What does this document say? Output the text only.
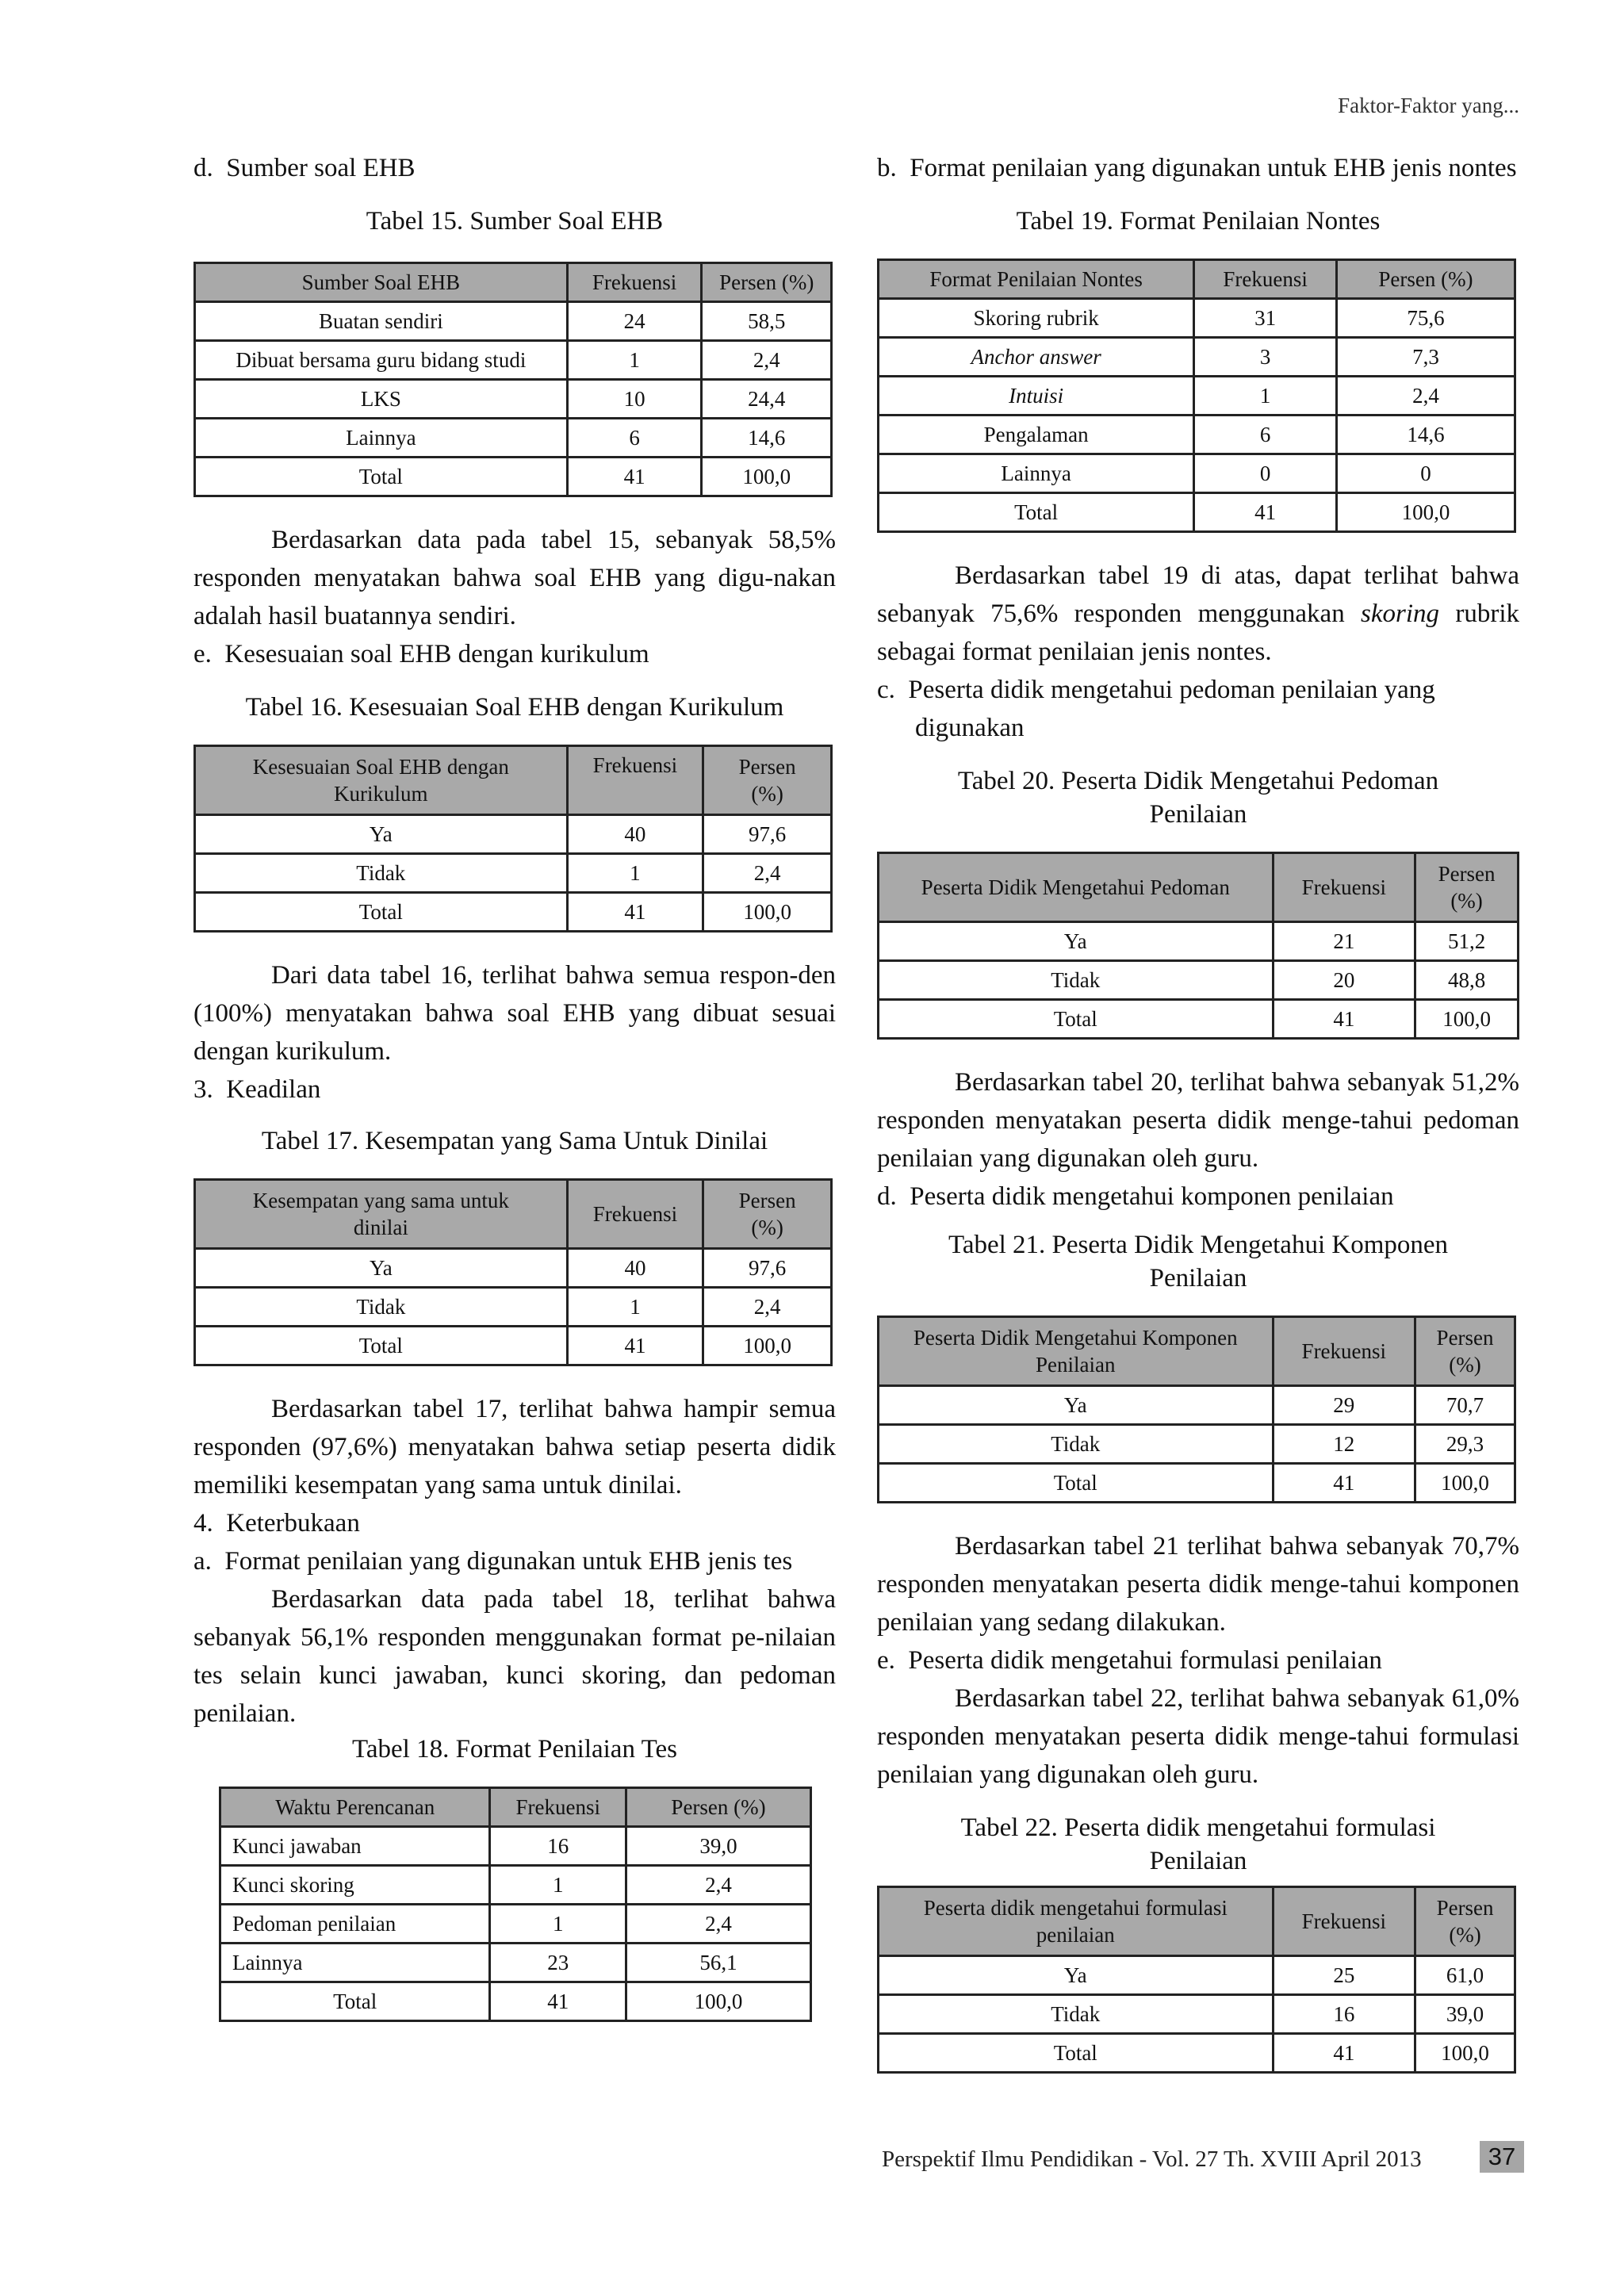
Faktor-Faktor yang...

d.  Sumber soal EHB

Tabel 15. Sumber Soal EHB

Sumber Soal EHB	Frekuensi	Persen (%)
Buatan sendiri	24	58,5
Dibuat bersama guru bidang studi	1	2,4
LKS	10	24,4
Lainnya	6	14,6
Total	41	100,0

Berdasarkan data pada tabel 15, sebanyak 58,5% responden menyatakan bahwa soal EHB yang digu-nakan adalah hasil buatannya sendiri.

e.  Kesesuaian soal EHB dengan kurikulum

Tabel 16. Kesesuaian Soal EHB dengan Kurikulum

Kesesuaian Soal EHB dengan Kurikulum	Frekuensi	Persen (%)
Ya	40	97,6
Tidak	1	2,4
Total	41	100,0

Dari data tabel 16, terlihat bahwa semua respon-den (100%) menyatakan bahwa soal EHB yang dibuat sesuai dengan kurikulum.

3.  Keadilan

Tabel 17. Kesempatan yang Sama Untuk Dinilai

Kesempatan yang sama untuk dinilai	Frekuensi	Persen (%)
Ya	40	97,6
Tidak	1	2,4
Total	41	100,0

Berdasarkan tabel 17, terlihat bahwa hampir semua responden (97,6%) menyatakan bahwa setiap peserta didik memiliki kesempatan yang sama untuk dinilai.

4.  Keterbukaan

a.  Format penilaian yang digunakan untuk EHB jenis tes

Berdasarkan data pada tabel 18, terlihat bahwa sebanyak 56,1% responden menggunakan format pe-nilaian tes selain kunci jawaban, kunci skoring, dan pedoman penilaian.

Tabel 18. Format Penilaian Tes

Waktu Perencanan	Frekuensi	Persen (%)
Kunci jawaban	16	39,0
Kunci skoring	1	2,4
Pedoman penilaian	1	2,4
Lainnya	23	56,1
Total	41	100,0

b.  Format penilaian yang digunakan untuk EHB jenis nontes

Tabel 19. Format Penilaian Nontes

Format Penilaian Nontes	Frekuensi	Persen (%)
Skoring rubrik	31	75,6
Anchor answer	3	7,3
Intuisi	1	2,4
Pengalaman	6	14,6
Lainnya	0	0
Total	41	100,0

Berdasarkan tabel 19 di atas, dapat terlihat bahwa sebanyak 75,6% responden menggunakan skoring rubrik sebagai format penilaian jenis nontes.

c.  Peserta didik mengetahui pedoman penilaian yang digunakan

Tabel 20. Peserta Didik Mengetahui Pedoman Penilaian

Peserta Didik Mengetahui Pedoman	Frekuensi	Persen (%)
Ya	21	51,2
Tidak	20	48,8
Total	41	100,0

Berdasarkan tabel 20, terlihat bahwa sebanyak 51,2% responden menyatakan peserta didik menge-tahui pedoman penilaian yang digunakan oleh guru.

d.  Peserta didik mengetahui komponen penilaian

Tabel 21. Peserta Didik Mengetahui Komponen Penilaian

Peserta Didik Mengetahui Komponen Penilaian	Frekuensi	Persen (%)
Ya	29	70,7
Tidak	12	29,3
Total	41	100,0

Berdasarkan tabel 21 terlihat bahwa sebanyak 70,7% responden menyatakan peserta didik menge-tahui komponen penilaian yang sedang dilakukan.

e.  Peserta didik mengetahui formulasi penilaian

Berdasarkan tabel 22, terlihat bahwa sebanyak 61,0% responden menyatakan peserta didik menge-tahui formulasi penilaian yang digunakan oleh guru.

Tabel 22. Peserta didik mengetahui formulasi Penilaian

Peserta didik mengetahui formulasi penilaian	Frekuensi	Persen (%)
Ya	25	61,0
Tidak	16	39,0
Total	41	100,0
Perspektif Ilmu Pendidikan - Vol. 27 Th. XVIII April 2013	37
